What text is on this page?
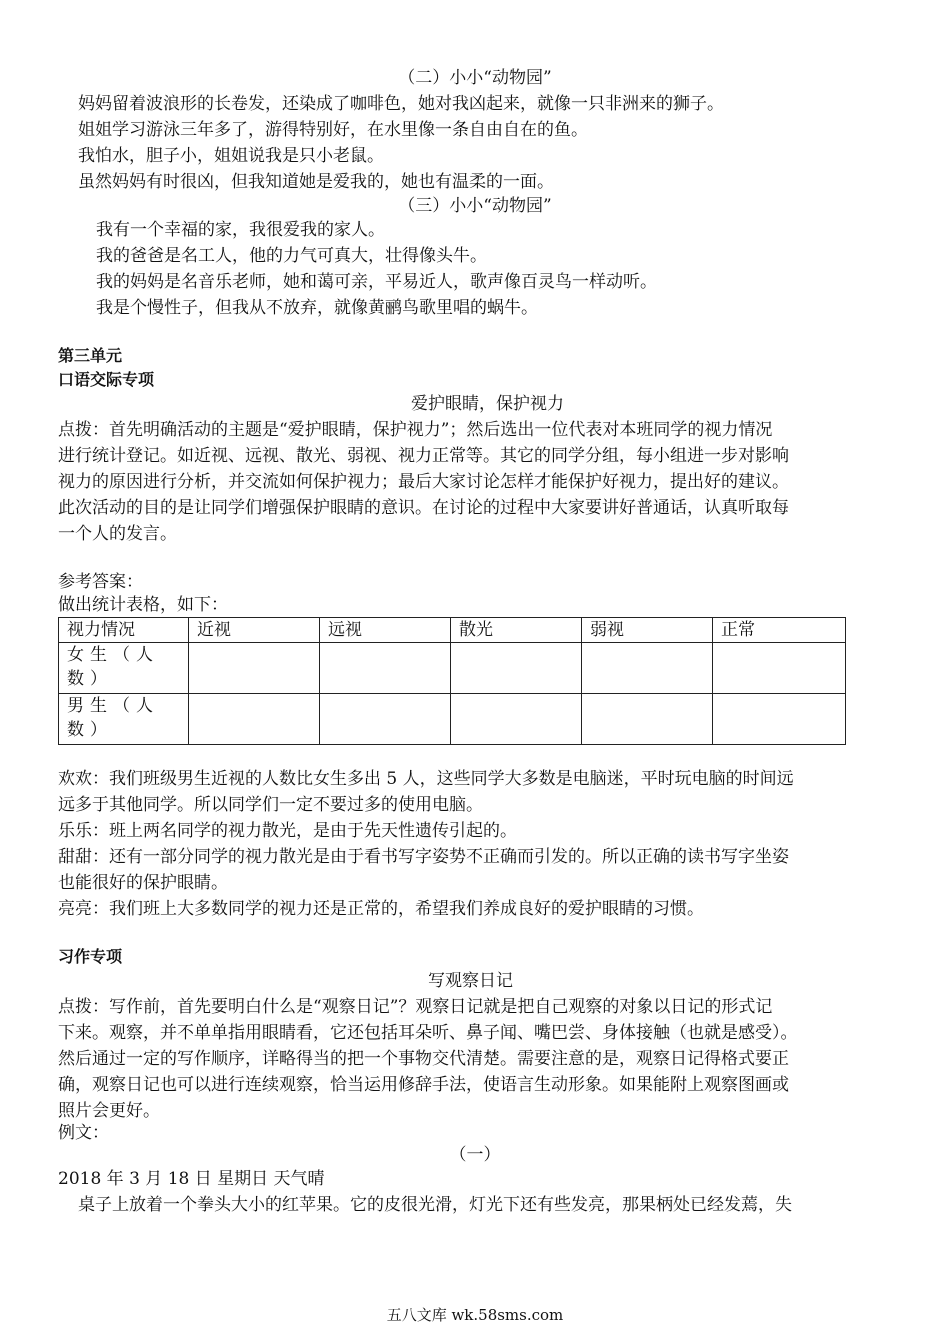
（二）小小“动物园”
妈妈留着波浪形的长卷发，还染成了咖啡色，她对我凶起来，就像一只非洲来的狮子。
姐姐学习游泳三年多了，游得特别好，在水里像一条自由自在的鱼。
我怕水，胆子小，姐姐说我是只小老鼠。
虽然妈妈有时很凶，但我知道她是爱我的，她也有温柔的一面。
（三）小小“动物园”
我有一个幸福的家，我很爱我的家人。
我的爸爸是名工人，他的力气可真大，壮得像头牛。
我的妈妈是名音乐老师，她和蔼可亲，平易近人，歌声像百灵鸟一样动听。
我是个慢性子，但我从不放弃，就像黄鹂鸟歌里唱的蜗牛。
第三单元
口语交际专项
爱护眼睛，保护视力
点拨：首先明确活动的主题是“爱护眼睛，保护视力”；然后选出一位代表对本班同学的视力情况
进行统计登记。如近视、远视、散光、弱视、视力正常等。其它的同学分组，每小组进一步对影响
视力的原因进行分析，并交流如何保护视力；最后大家讨论怎样才能保护好视力，提出好的建议。
此次活动的目的是让同学们增强保护眼睛的意识。在讨论的过程中大家要讲好普通话，认真听取每
一个人的发言。
参考答案：
做出统计表格，如下：
视力情况	近视	远视	散光	弱视	正常
女生（人数）					
男生（人数）					
欢欢：我们班级男生近视的人数比女生多出 5 人，这些同学大多数是电脑迷，平时玩电脑的时间远
远多于其他同学。所以同学们一定不要过多的使用电脑。
乐乐：班上两名同学的视力散光，是由于先天性遗传引起的。
甜甜：还有一部分同学的视力散光是由于看书写字姿势不正确而引发的。所以正确的读书写字坐姿
也能很好的保护眼睛。
亮亮：我们班上大多数同学的视力还是正常的，希望我们养成良好的爱护眼睛的习惯。
习作专项
写观察日记
点拨：写作前，首先要明白什么是“观察日记”？观察日记就是把自己观察的对象以日记的形式记
下来。观察，并不单单指用眼睛看，它还包括耳朵听、鼻子闻、嘴巴尝、身体接触（也就是感受）。
然后通过一定的写作顺序，详略得当的把一个事物交代清楚。需要注意的是，观察日记得格式要正
确，观察日记也可以进行连续观察，恰当运用修辞手法，使语言生动形象。如果能附上观察图画或
照片会更好。
例文：
（一）
2018 年 3 月 18 日 星期日 天气晴
桌子上放着一个拳头大小的红苹果。它的皮很光滑，灯光下还有些发亮，那果柄处已经发蔫，失
五八文库 wk.58sms.com
